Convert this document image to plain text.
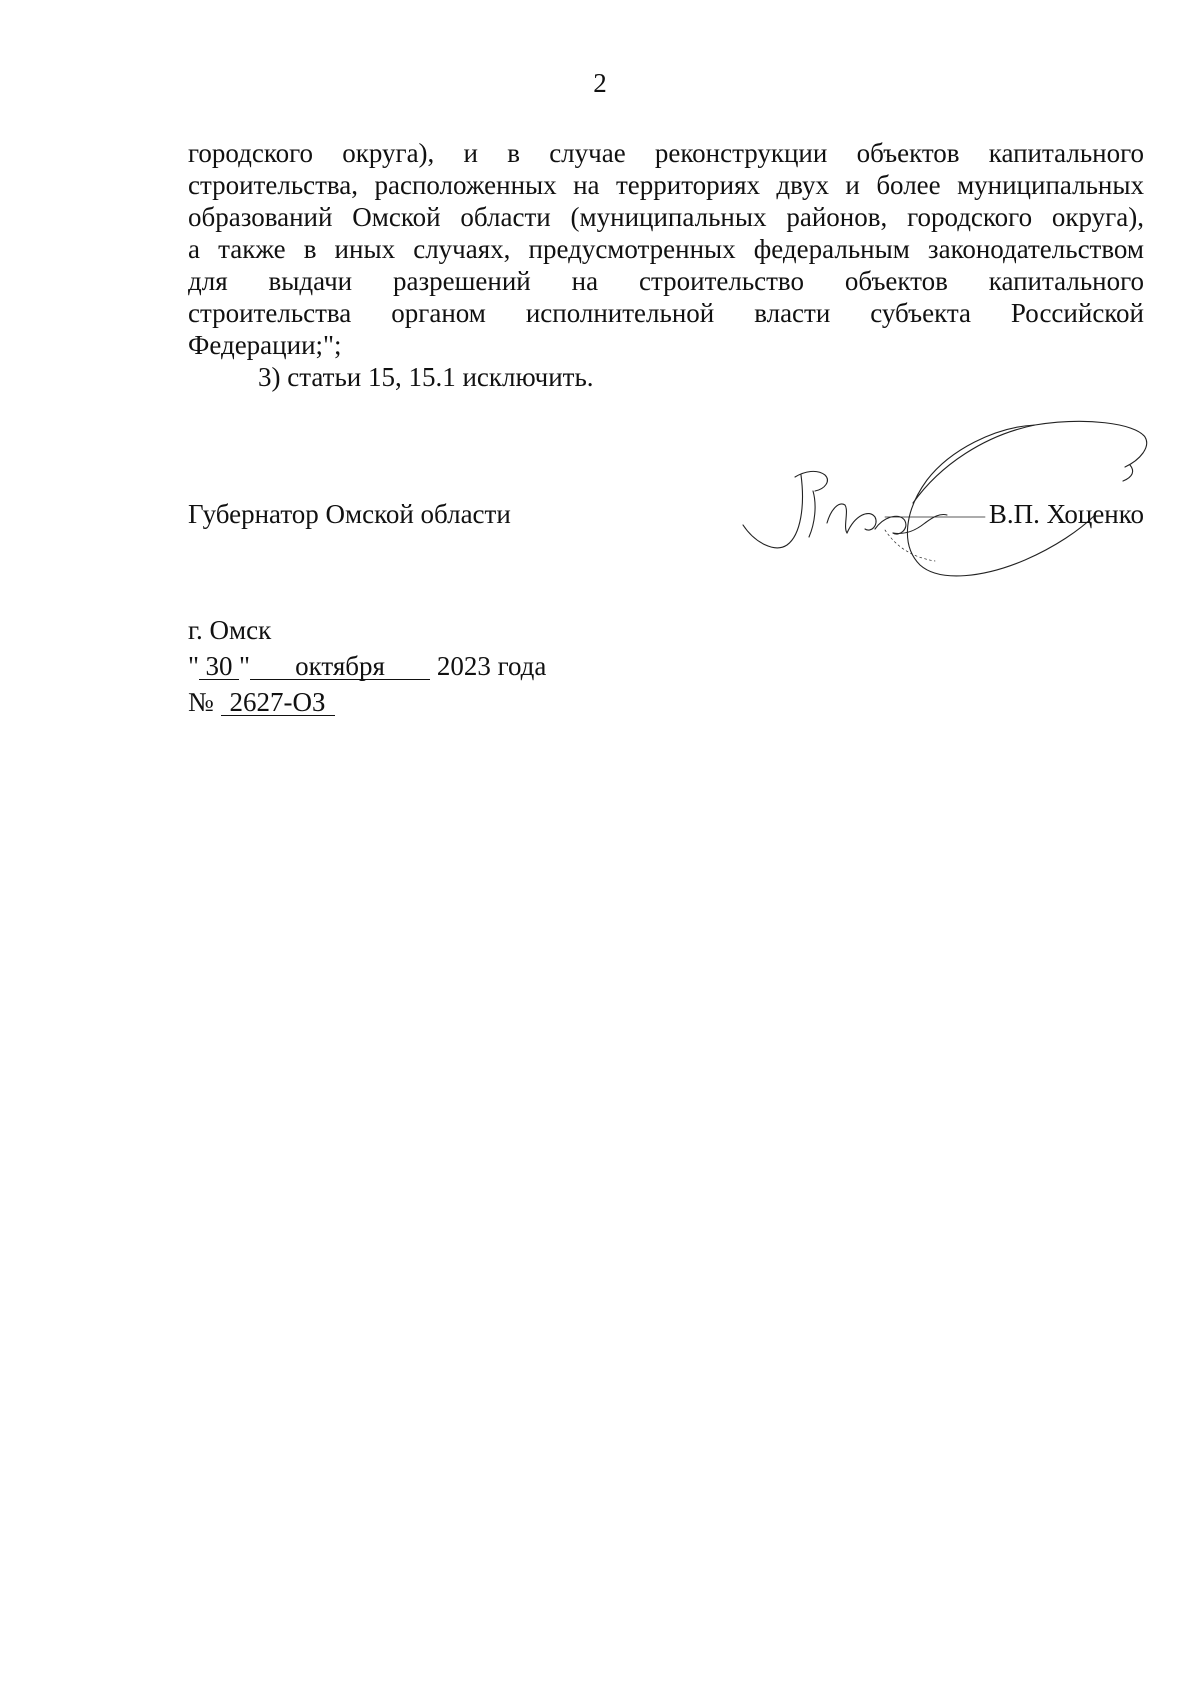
2

городского округа), и в случае реконструкции объектов капитального
строительства, расположенных на территориях двух и более муниципальных
образований Омской области (муниципальных районов, городского округа),
а также в иных случаях, предусмотренных федеральным законодательством
для выдачи разрешений на строительство объектов капитального
строительства органом исполнительной власти субъекта Российской
Федерации;";

3) статьи 15, 15.1 исключить.

Губернатор Омской области	В.П. Хоценко
г. Омск
" 30 " октября 2023 года
№ 2627-ОЗ
